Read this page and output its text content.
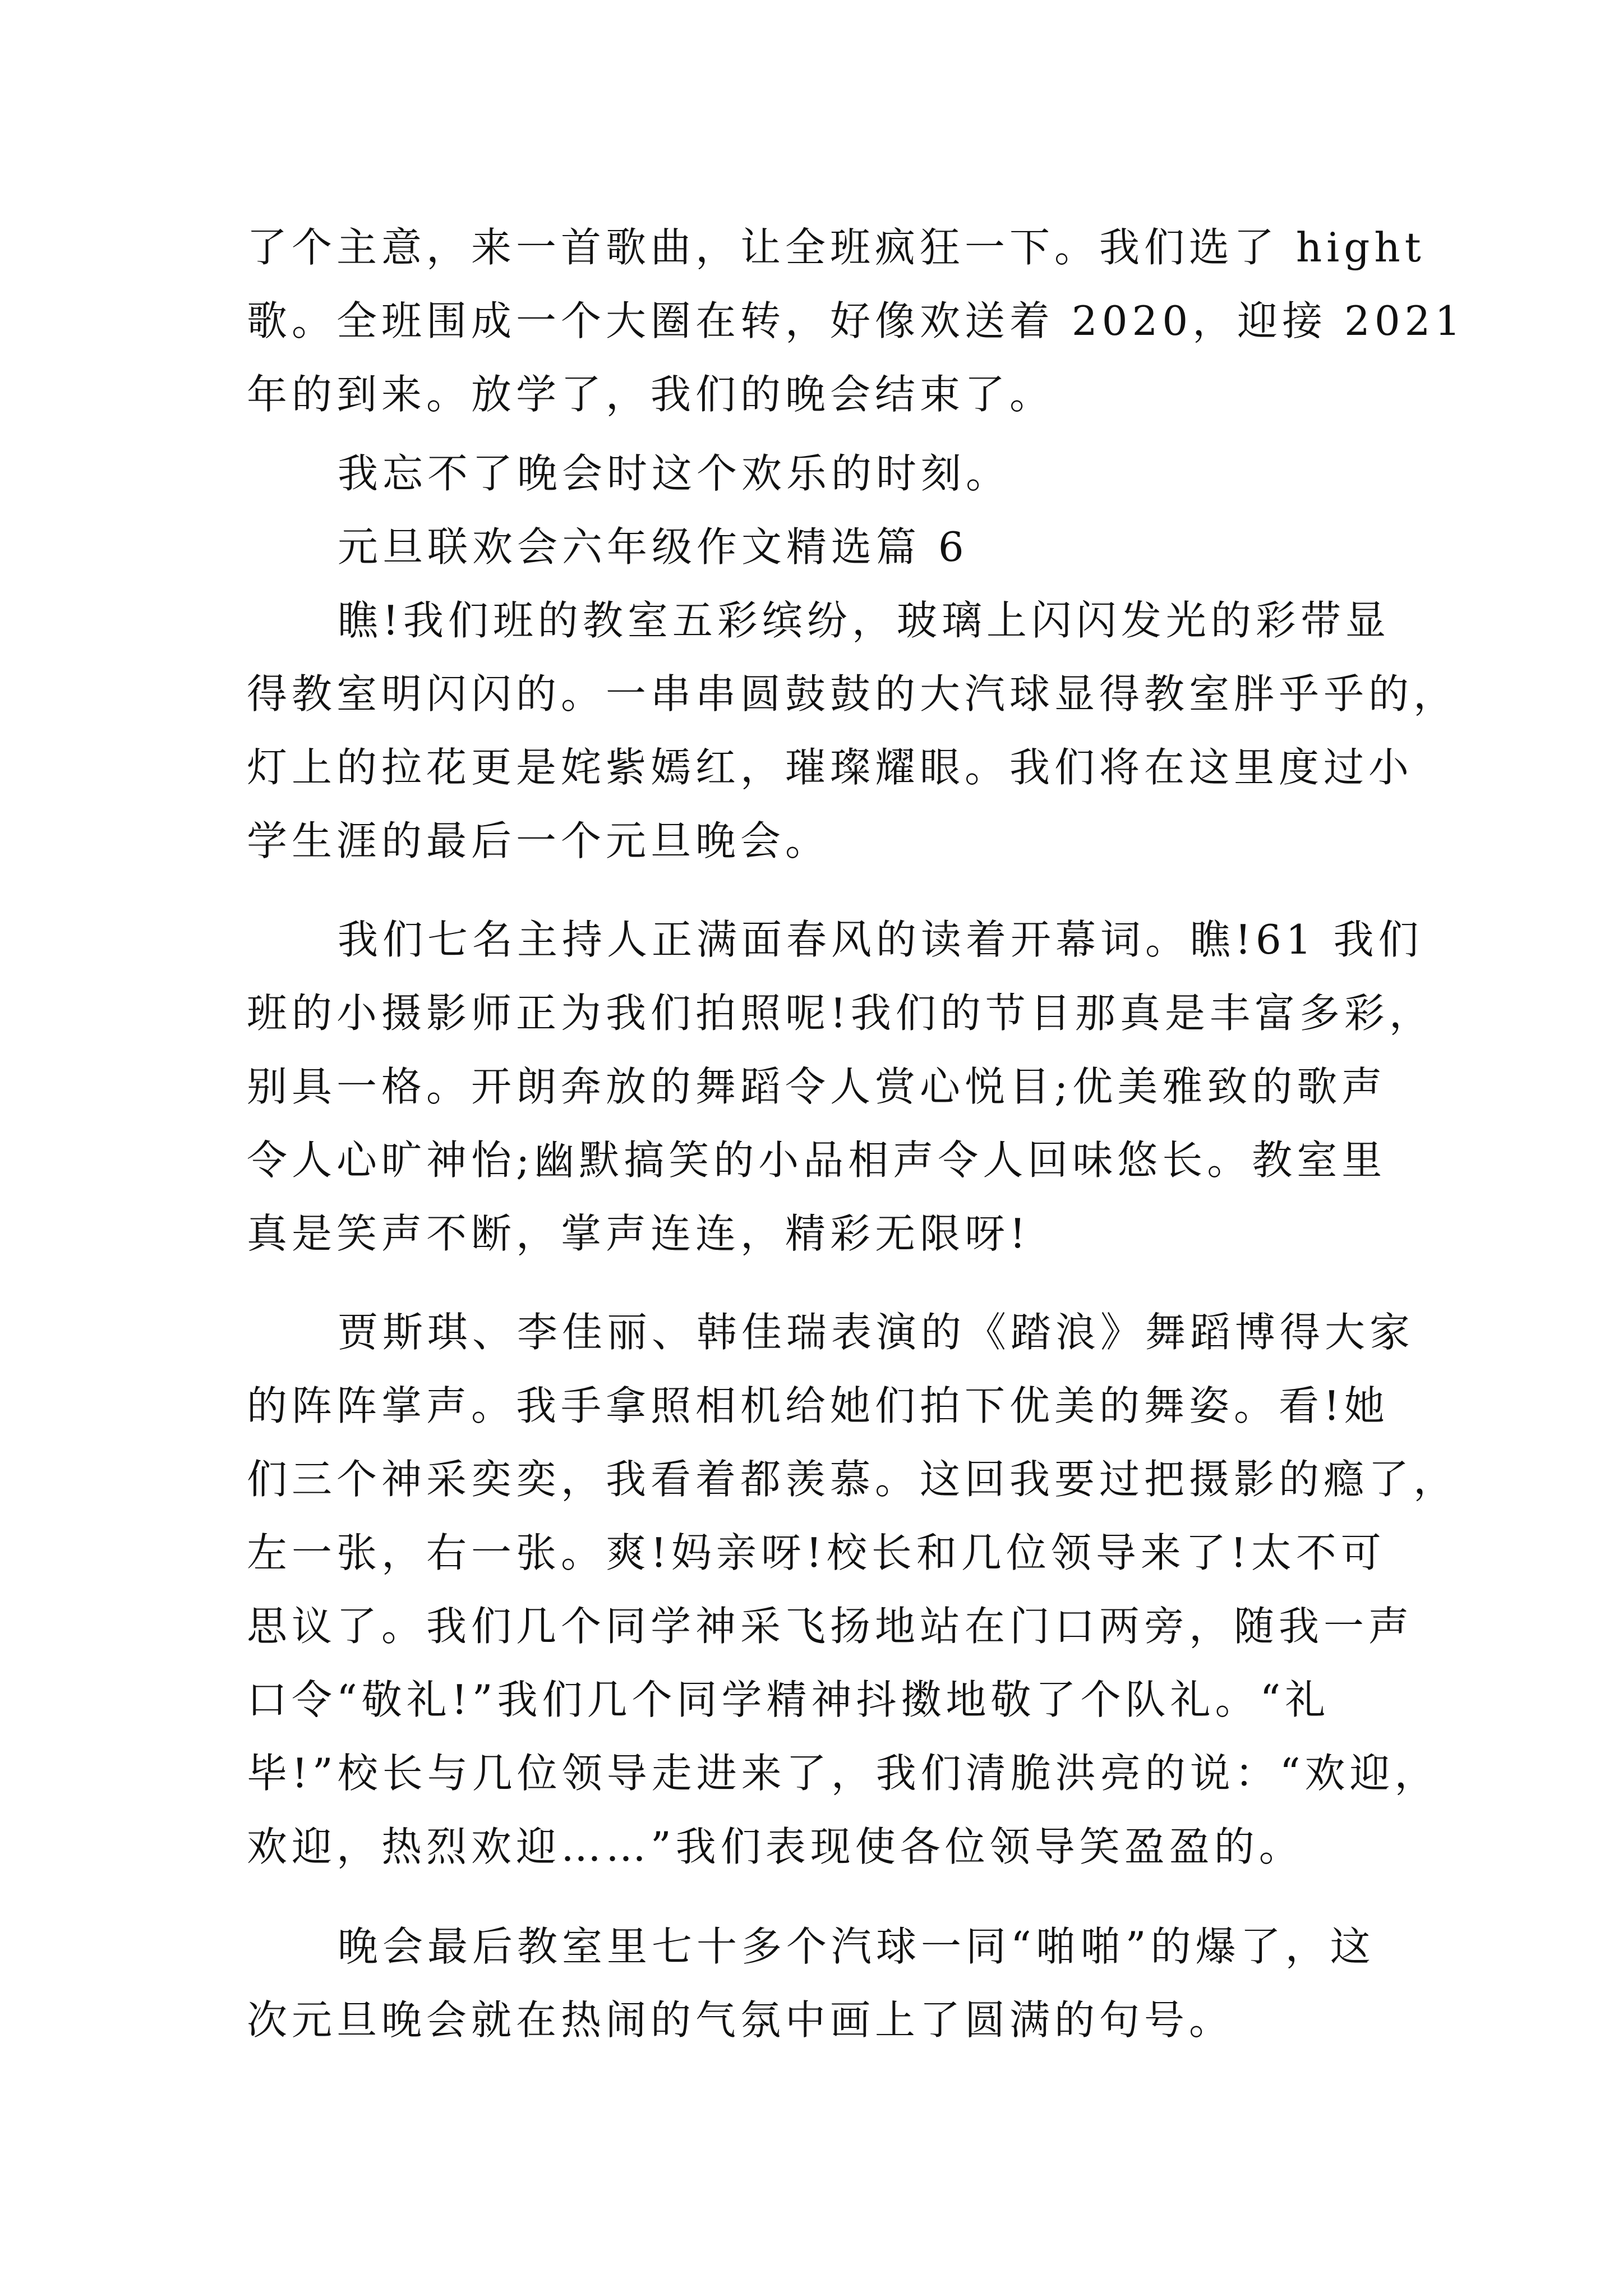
了个主意，来一首歌曲，让全班疯狂一下。我们选了 hight
歌。全班围成一个大圈在转，好像欢送着 2020，迎接 2021
年的到来。放学了，我们的晚会结束了。
我忘不了晚会时这个欢乐的时刻。
元旦联欢会六年级作文精选篇 6
瞧!我们班的教室五彩缤纷，玻璃上闪闪发光的彩带显
得教室明闪闪的。一串串圆鼓鼓的大汽球显得教室胖乎乎的，
灯上的拉花更是姹紫嫣红，璀璨耀眼。我们将在这里度过小
学生涯的最后一个元旦晚会。
我们七名主持人正满面春风的读着开幕词。瞧!61 我们
班的小摄影师正为我们拍照呢!我们的节目那真是丰富多彩，
别具一格。开朗奔放的舞蹈令人赏心悦目;优美雅致的歌声
令人心旷神怡;幽默搞笑的小品相声令人回味悠长。教室里
真是笑声不断，掌声连连，精彩无限呀!
贾斯琪、李佳丽、韩佳瑞表演的《踏浪》舞蹈博得大家
的阵阵掌声。我手拿照相机给她们拍下优美的舞姿。看!她
们三个神采奕奕，我看着都羡慕。这回我要过把摄影的瘾了，
左一张，右一张。爽!妈亲呀!校长和几位领导来了!太不可
思议了。我们几个同学神采飞扬地站在门口两旁，随我一声
口令“敬礼!”我们几个同学精神抖擞地敬了个队礼。“礼
毕!”校长与几位领导走进来了，我们清脆洪亮的说：“欢迎，
欢迎，热烈欢迎……”我们表现使各位领导笑盈盈的。
晚会最后教室里七十多个汽球一同“啪啪”的爆了，这
次元旦晚会就在热闹的气氛中画上了圆满的句号。
